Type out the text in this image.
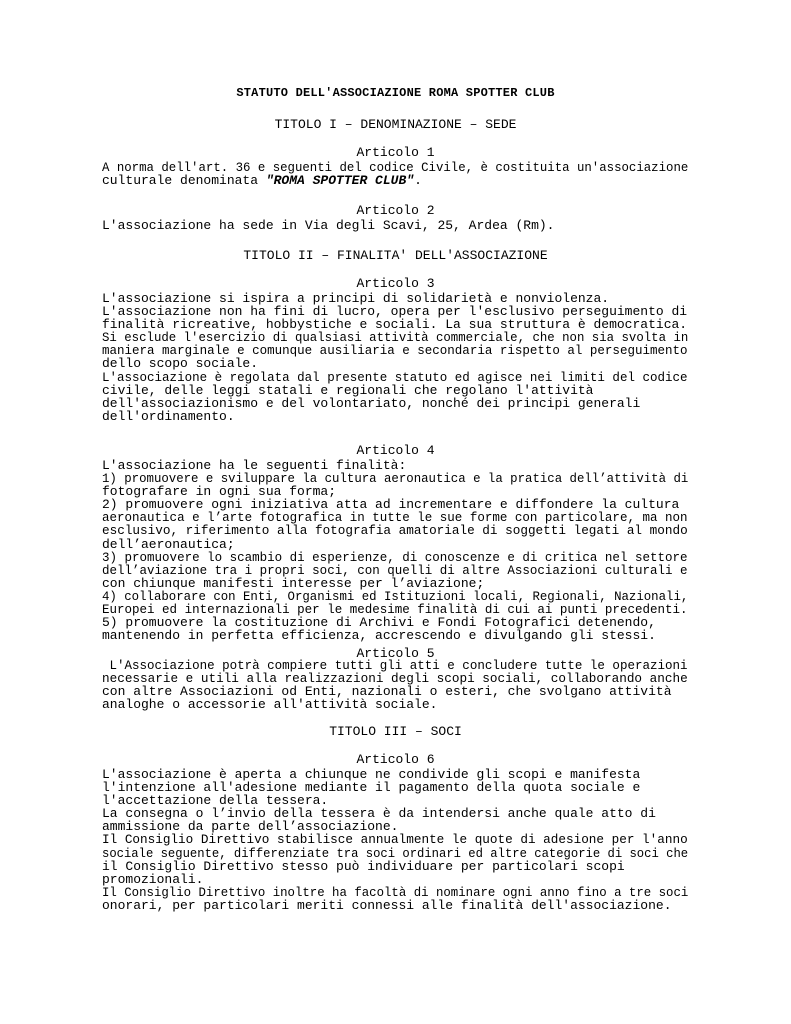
STATUTO DELL'ASSOCIAZIONE ROMA SPOTTER CLUB
TITOLO I – DENOMINAZIONE – SEDE
Articolo 1
A norma dell'art. 36 e seguenti del codice Civile, è costituita un'associazione
culturale denominata "ROMA SPOTTER CLUB".
Articolo 2
L'associazione ha sede in Via degli Scavi, 25, Ardea (Rm).
TITOLO II – FINALITA' DELL'ASSOCIAZIONE
Articolo 3
L'associazione si ispira a principi di solidarietà e nonviolenza.
L'associazione non ha fini di lucro, opera per l'esclusivo perseguimento di
finalità ricreative, hobbystiche e sociali. La sua struttura è democratica.
Si esclude l'esercizio di qualsiasi attività commerciale, che non sia svolta in
maniera marginale e comunque ausiliaria e secondaria rispetto al perseguimento
dello scopo sociale.
L'associazione è regolata dal presente statuto ed agisce nei limiti del codice
civile, delle leggi statali e regionali che regolano l'attività
dell'associazionismo e del volontariato, nonché dei principi generali
dell'ordinamento.
Articolo 4
L'associazione ha le seguenti finalità:
1) promuovere e sviluppare la cultura aeronautica e la pratica dell’attività di
fotografare in ogni sua forma;
2) promuovere ogni iniziativa atta ad incrementare e diffondere la cultura
aeronautica e l’arte fotografica in tutte le sue forme con particolare, ma non
esclusivo, riferimento alla fotografia amatoriale di soggetti legati al mondo
dell’aeronautica;
3) promuovere lo scambio di esperienze, di conoscenze e di critica nel settore
dell’aviazione tra i propri soci, con quelli di altre Associazioni culturali e
con chiunque manifesti interesse per l’aviazione;
4) collaborare con Enti, Organismi ed Istituzioni locali, Regionali, Nazionali,
Europei ed internazionali per le medesime finalità di cui ai punti precedenti.
5) promuovere la costituzione di Archivi e Fondi Fotografici detenendo,
mantenendo in perfetta efficienza, accrescendo e divulgando gli stessi.
Articolo 5
L'Associazione potrà compiere tutti gli atti e concludere tutte le operazioni
necessarie e utili alla realizzazioni degli scopi sociali, collaborando anche
con altre Associazioni od Enti, nazionali o esteri, che svolgano attività
analoghe o accessorie all'attività sociale.
TITOLO III – SOCI
Articolo 6
L'associazione è aperta a chiunque ne condivide gli scopi e manifesta
l'intenzione all'adesione mediante il pagamento della quota sociale e
l'accettazione della tessera.
La consegna o l’invio della tessera è da intendersi anche quale atto di
ammissione da parte dell’associazione.
Il Consiglio Direttivo stabilisce annualmente le quote di adesione per l'anno
sociale seguente, differenziate tra soci ordinari ed altre categorie di soci che
il Consiglio Direttivo stesso può individuare per particolari scopi
promozionali.
Il Consiglio Direttivo inoltre ha facoltà di nominare ogni anno fino a tre soci
onorari, per particolari meriti connessi alle finalità dell'associazione.
